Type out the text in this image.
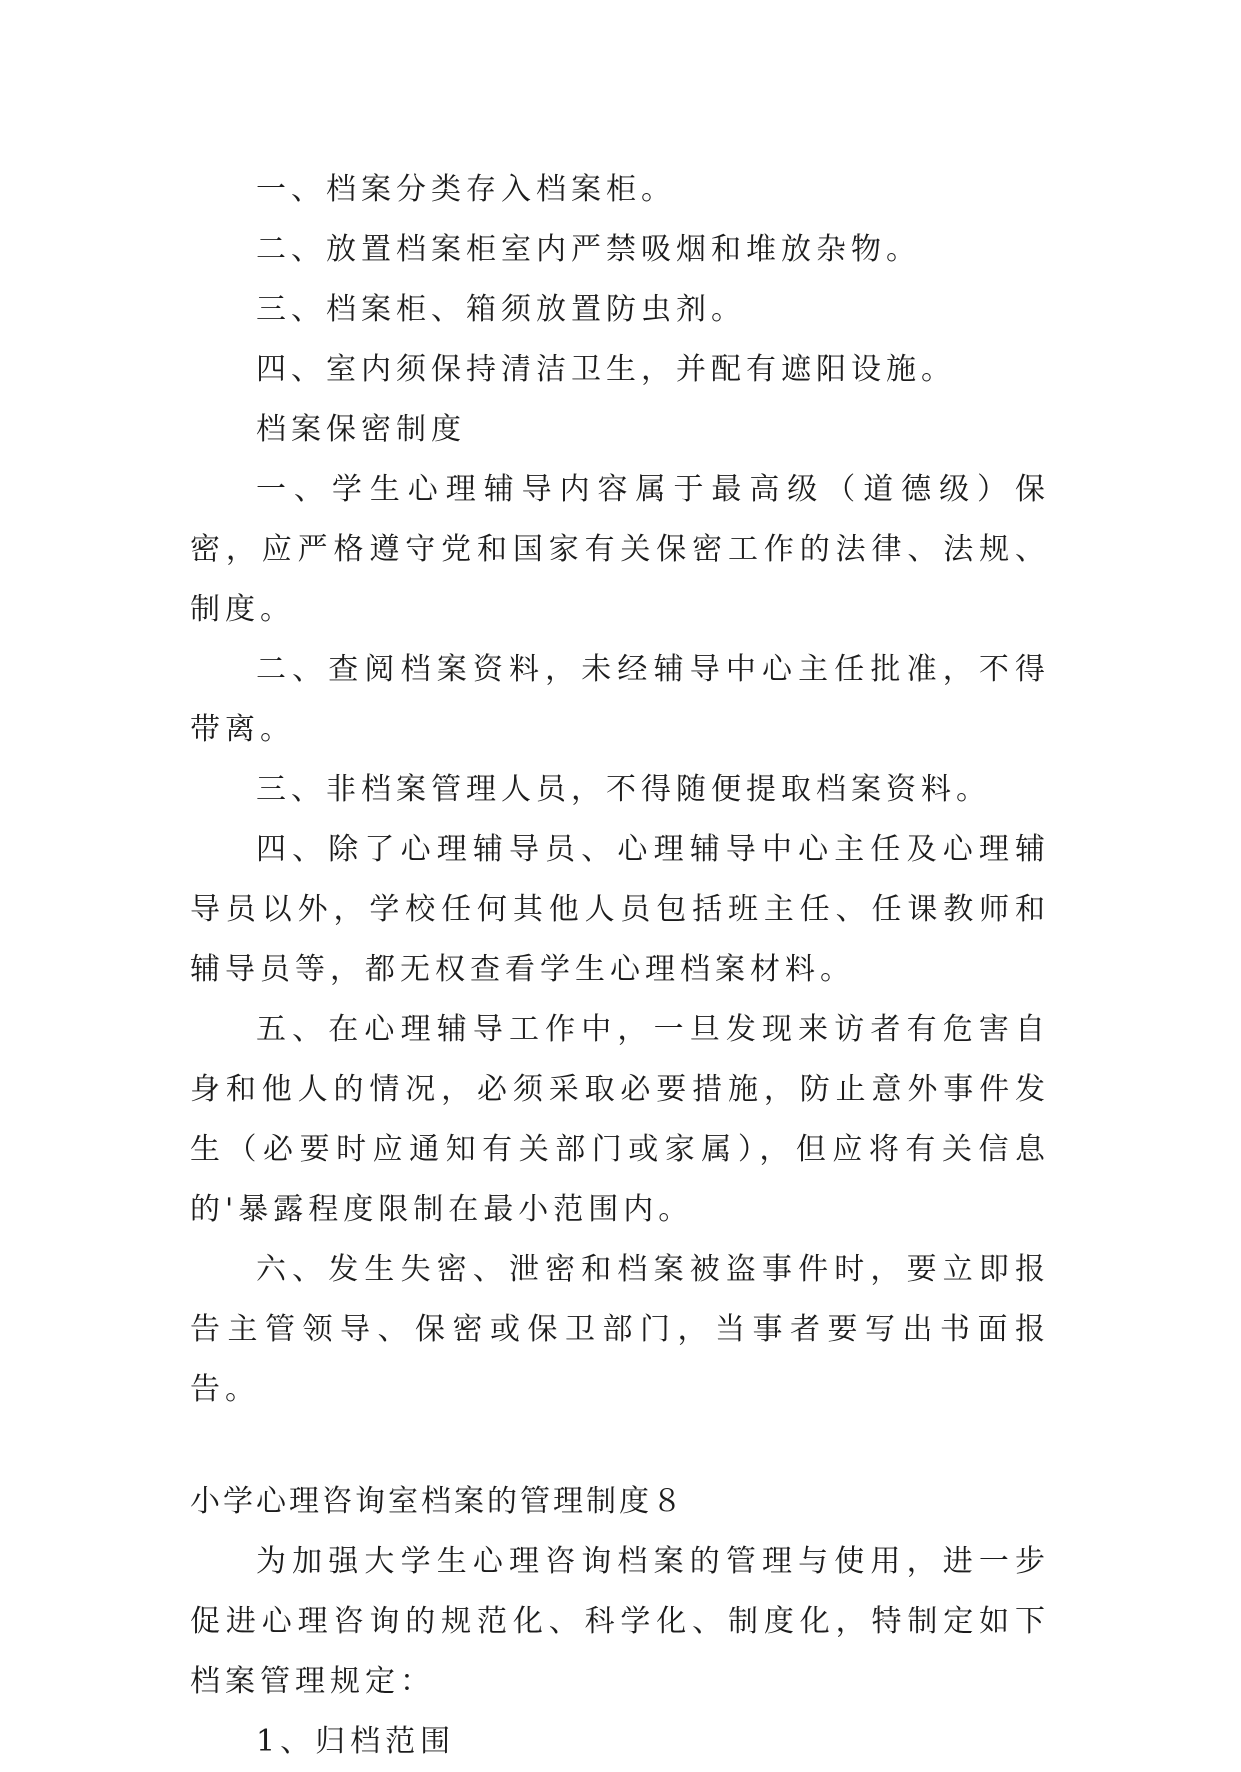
一、档案分类存入档案柜。

二、放置档案柜室内严禁吸烟和堆放杂物。

三、档案柜、箱须放置防虫剂。

四、室内须保持清洁卫生，并配有遮阳设施。

档案保密制度

一、学生心理辅导内容属于最高级（道德级）保密，应严格遵守党和国家有关保密工作的法律、法规、制度。

二、查阅档案资料，未经辅导中心主任批准，不得带离。

三、非档案管理人员，不得随便提取档案资料。

四、除了心理辅导员、心理辅导中心主任及心理辅导员以外，学校任何其他人员包括班主任、任课教师和辅导员等，都无权查看学生心理档案材料。

五、在心理辅导工作中，一旦发现来访者有危害自身和他人的情况，必须采取必要措施，防止意外事件发生（必要时应通知有关部门或家属），但应将有关信息的'暴露程度限制在最小范围内。

六、发生失密、泄密和档案被盗事件时，要立即报告主管领导、保密或保卫部门，当事者要写出书面报告。

小学心理咨询室档案的管理制度８

为加强大学生心理咨询档案的管理与使用，进一步促进心理咨询的规范化、科学化、制度化，特制定如下档案管理规定：

1、归档范围
